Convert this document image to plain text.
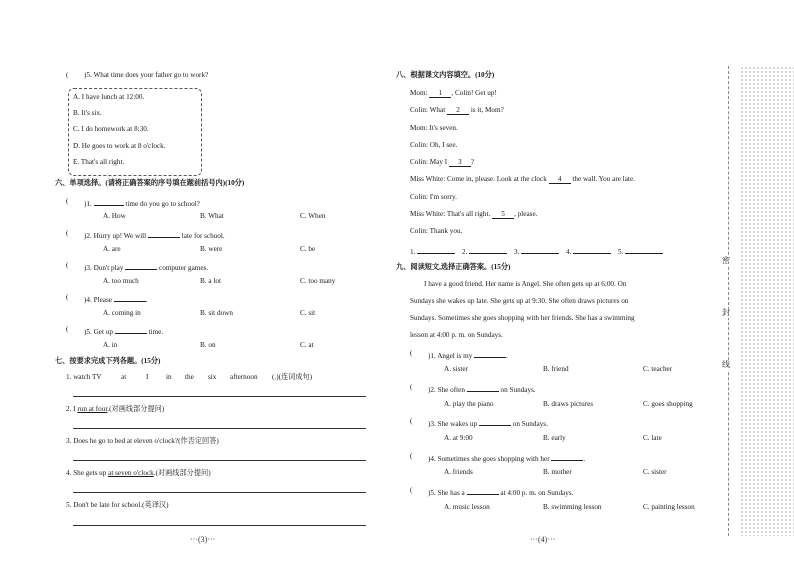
( )5. What time does your father go to work?
A. I have lunch at 12:00.
B. It's six.
C. I do homework at 8:30.
D. He goes to work at 8 o'clock.
E. That's all right.
六、单项选择。(请将正确答案的序号填在题前括号内)(10分)
( )1.	time do you go to school?
A. How	B. What	C. When
( )2. Hurry up! We will	late for school.
A. are	B. were	C. be
( )3. Don't play	computer games.
A. too much	B. a lot	C. too many
( )4. Please	.
A. coming in	B. sit down	C. sit
( )5. Get up	time.
A. in	B. on	C. at
七、按要求完成下列各题。(15分)
1. watch TV	at	I in the six afternoon (.)(连词成句)
2. I run at four.(对画线部分提问)
3. Does he go to bed at eleven o'clock?(作否定回答)
4. She gets up at seven o'clock.(对画线部分提问)
5. Don't be late for school.(英译汉)
···(3)···
八、根据课文内容填空。(10分)
Mom: 1 , Colin! Get up!
Colin: What 2 is it, Mom?
Mom: It's seven.
Colin: Oh, I see.
Colin: May I 3 ?
Miss White: Come in, please. Look at the clock 4 the wall. You are late.
Colin: I'm sorry.
Miss White: That's all right. 5 , please.
Colin: Thank you.
1.	2.	3.	4.	5.
九、阅读短文,选择正确答案。(15分)
I have a good friend. Her name is Angel. She often gets up at 6:00. On
Sundays she wakes up late. She gets up at 9:30. She often draws pictures on
Sundays. Sometimes she goes shopping with her friends. She has a swimming
lesson at 4:00 p. m. on Sundays.
( )1. Angel is my	.
A. sister	B. friend	C. teacher
( )2. She often	on Sundays.
A. play the piano	B. draws pictures	C. goes shopping
( )3. She wakes up	on Sundays.
A. at 9:00	B. early	C. late
( )4. Sometimes she goes shopping with her	.
A. friends	B. mother	C. sister
( )5. She has a	at 4:00 p. m. on Sundays.
A. music lesson	B. swimming lesson	C. painting lesson
···(4)···
密
封
线
